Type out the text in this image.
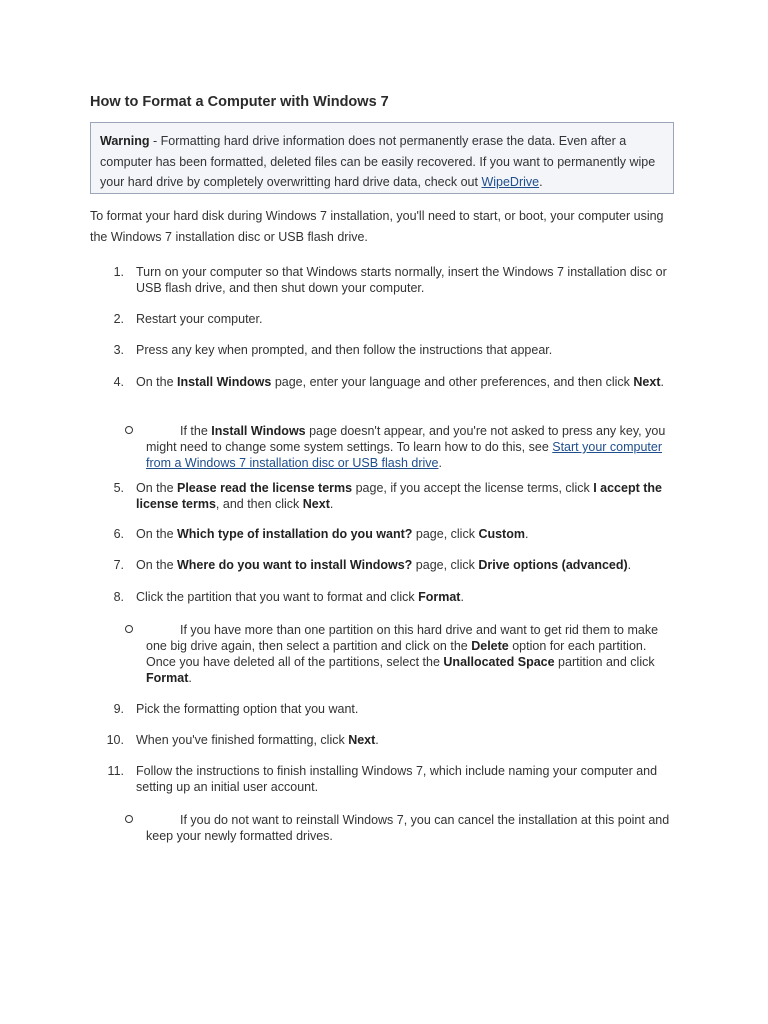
How to Format a Computer with Windows 7
Warning - Formatting hard drive information does not permanently erase the data. Even after a computer has been formatted, deleted files can be easily recovered. If you want to permanently wipe your hard drive by completely overwritting hard drive data, check out WipeDrive.

To format your hard disk during Windows 7 installation, you'll need to start, or boot, your computer using the Windows 7 installation disc or USB flash drive.

1. Turn on your computer so that Windows starts normally, insert the Windows 7 installation disc or USB flash drive, and then shut down your computer.
2. Restart your computer.
3. Press any key when prompted, and then follow the instructions that appear.
4. On the Install Windows page, enter your language and other preferences, and then click Next.
If the Install Windows page doesn't appear, and you're not asked to press any key, you might need to change some system settings. To learn how to do this, see Start your computer from a Windows 7 installation disc or USB flash drive.
5. On the Please read the license terms page, if you accept the license terms, click I accept the license terms, and then click Next.
6. On the Which type of installation do you want? page, click Custom.
7. On the Where do you want to install Windows? page, click Drive options (advanced).
8. Click the partition that you want to format and click Format.
If you have more than one partition on this hard drive and want to get rid them to make one big drive again, then select a partition and click on the Delete option for each partition. Once you have deleted all of the partitions, select the Unallocated Space partition and click Format.
9. Pick the formatting option that you want.
10. When you've finished formatting, click Next.
11. Follow the instructions to finish installing Windows 7, which include naming your computer and setting up an initial user account.
If you do not want to reinstall Windows 7, you can cancel the installation at this point and keep your newly formatted drives.
